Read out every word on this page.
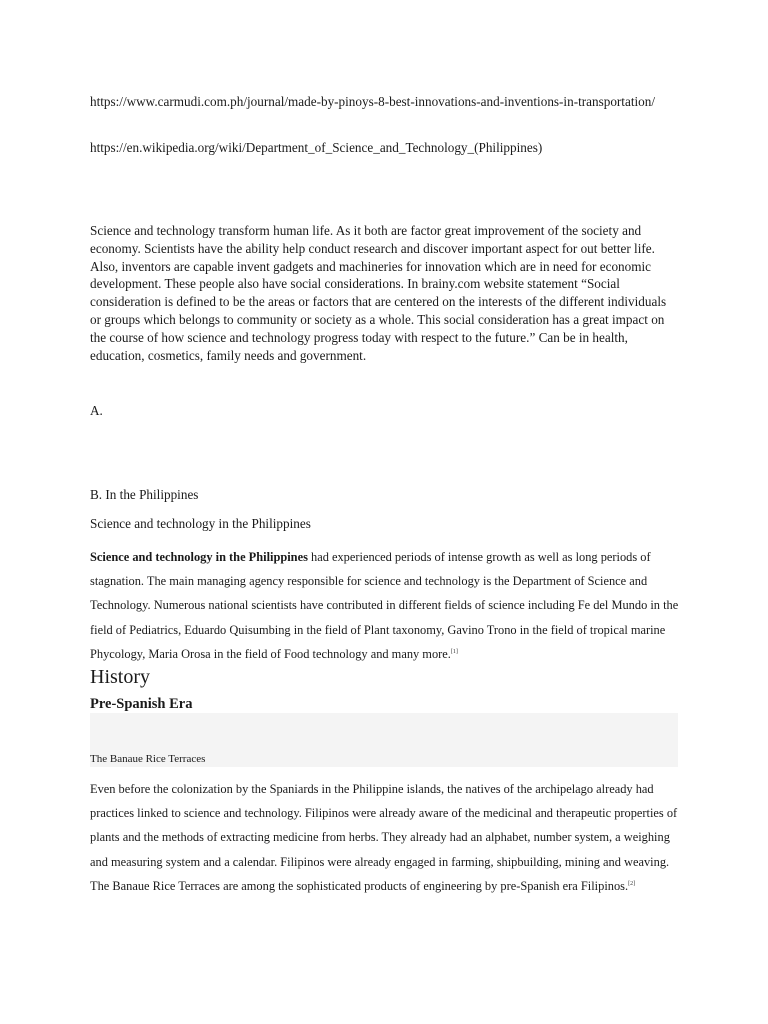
https://www.carmudi.com.ph/journal/made-by-pinoys-8-best-innovations-and-inventions-in-transportation/

https://en.wikipedia.org/wiki/Department_of_Science_and_Technology_(Philippines)

Science and technology transform human life. As it both are factor great improvement of the society and economy. Scientists have the ability help conduct research and discover important aspect for out better life. Also, inventors are capable invent gadgets and machineries for innovation which are in need for economic development. These people also have social considerations. In brainy.com website statement “Social consideration is defined to be the areas or factors that are centered on the interests of the different individuals or groups which belongs to community or society as a whole. This social consideration has a great impact on the course of how science and technology progress today with respect to the future.” Can be in health, education, cosmetics, family needs and government.

A.

B. In the Philippines

Science and technology in the Philippines

Science and technology in the Philippines had experienced periods of intense growth as well as long periods of stagnation. The main managing agency responsible for science and technology is the Department of Science and Technology. Numerous national scientists have contributed in different fields of science including Fe del Mundo in the field of Pediatrics, Eduardo Quisumbing in the field of Plant taxonomy, Gavino Trono in the field of tropical marine Phycology, Maria Orosa in the field of Food technology and many more.[1]

History
Pre-Spanish Era

The Banaue Rice Terraces

Even before the colonization by the Spaniards in the Philippine islands, the natives of the archipelago already had practices linked to science and technology. Filipinos were already aware of the medicinal and therapeutic properties of plants and the methods of extracting medicine from herbs. They already had an alphabet, number system, a weighing and measuring system and a calendar. Filipinos were already engaged in farming, shipbuilding, mining and weaving. The Banaue Rice Terraces are among the sophisticated products of engineering by pre-Spanish era Filipinos.[2]
